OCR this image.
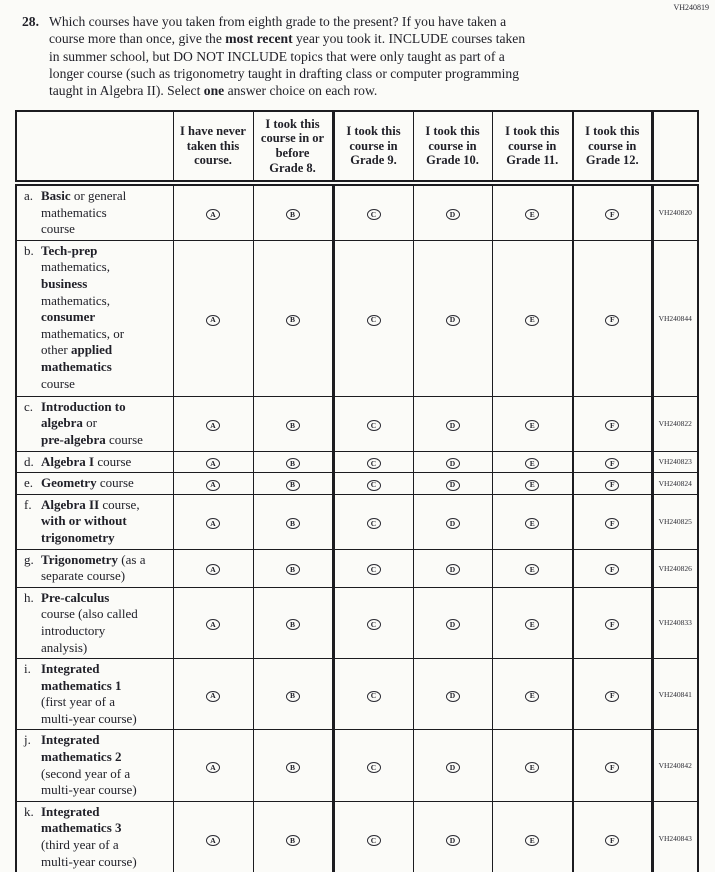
VH240819
28. Which courses have you taken from eighth grade to the present? If you have taken a
course more than once, give the most recent year you took it. INCLUDE courses taken
in summer school, but DO NOT INCLUDE topics that were only taught as part of a
longer course (such as trigonometry taught in drafting class or computer programming
taught in Algebra II). Select one answer choice on each row.
	I have never taken this course.	I took this course in or before Grade 8.	I took this course in Grade 9.	I took this course in Grade 10.	I took this course in Grade 11.	I took this course in Grade 12.	

a. Basic or general
mathematics
course	A	B	C	D	E	F	VH240820

b. Tech-prep
mathematics,
business
mathematics,
consumer
mathematics, or
other applied
mathematics
course
	A	B	C	D	E	F	VH240844

c. Introduction to
algebra or
pre-algebra course	A	B	C	D	E	F	VH240822

d. Algebra I course	A	B	C	D	E	F	VH240823

e. Geometry course	A	B	C	D	E	F	VH240824

f. Algebra II course,
with or without
trigonometry	A	B	C	D	E	F	VH240825

g. Trigonometry (as a
separate course)	A	B	C	D	E	F	VH240826

h. Pre-calculus
course (also called
introductory
analysis)	A	B	C	D	E	F	VH240833

i. Integrated
mathematics 1
(first year of a
multi-year course)	A	B	C	D	E	F	VH240841

j. Integrated
mathematics 2
(second year of a
multi-year course)	A	B	C	D	E	F	VH240842

k. Integrated
mathematics 3
(third year of a
multi-year course)	A	B	C	D	E	F	VH240843
